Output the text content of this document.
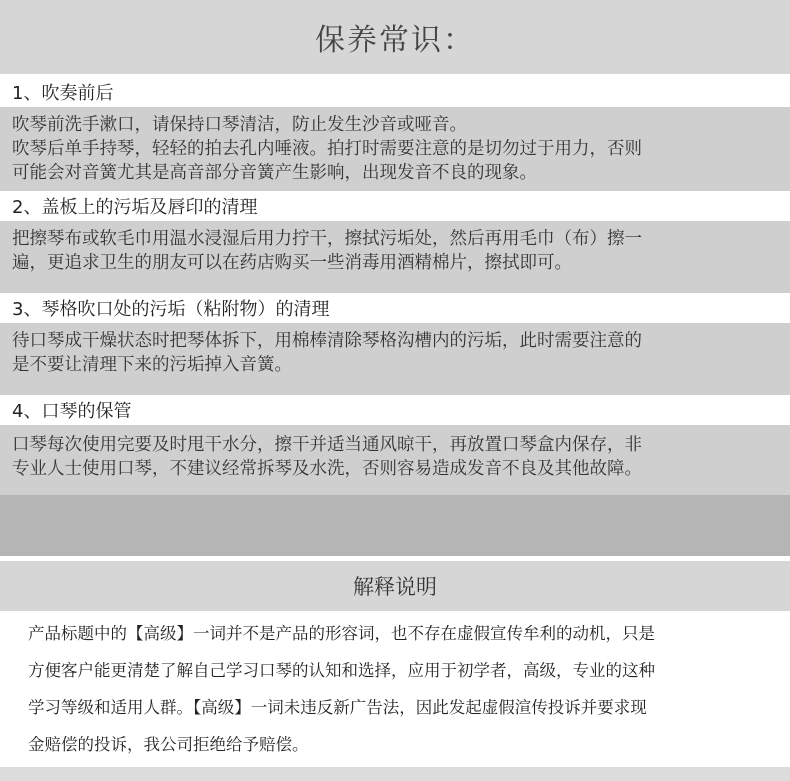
保养常识：
1、吹奏前后
吹琴前洗手漱口，请保持口琴清洁，防止发生沙音或哑音。
吹琴后单手持琴，轻轻的拍去孔内唾液。拍打时需要注意的是切勿过于用力，否则
可能会对音簧尤其是高音部分音簧产生影响，出现发音不良的现象。
2、盖板上的污垢及唇印的清理
把擦琴布或软毛巾用温水浸湿后用力拧干，擦拭污垢处，然后再用毛巾（布）擦一
遍，更追求卫生的朋友可以在药店购买一些消毒用酒精棉片，擦拭即可。
3、琴格吹口处的污垢（粘附物）的清理
待口琴成干燥状态时把琴体拆下，用棉棒清除琴格沟槽内的污垢，此时需要注意的
是不要让清理下来的污垢掉入音簧。
4、口琴的保管
口琴每次使用完要及时甩干水分，擦干并适当通风晾干，再放置口琴盒内保存，非
专业人士使用口琴，不建议经常拆琴及水洗，否则容易造成发音不良及其他故障。
解释说明
产品标题中的【高级】一词并不是产品的形容词，也不存在虚假宣传牟利的动机，只是
方便客户能更清楚了解自己学习口琴的认知和选择，应用于初学者，高级，专业的这种
学习等级和适用人群。【高级】一词未违反新广告法，因此发起虚假渲传投诉并要求现
金赔偿的投诉，我公司拒绝给予赔偿。
